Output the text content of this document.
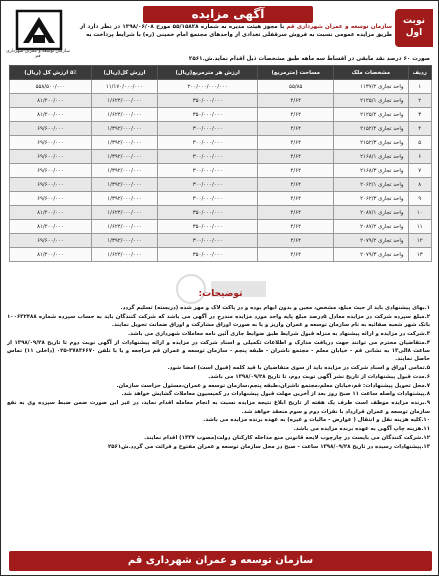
سازمان توسعه و عمران شهرداری قم
آگهی مزایده	نوبت
اول
سازمان توسعه و عمران شهرداری قم با مجوز هیئت مدیره به شماره ۵۵/۱۵۸۲۸ مورخ ۱۳۹۸/۰۶/۰۸ در نظر دارد از طریق مزایده عمومی نسبت به فروش سرقفلی تعدادی از واحدهای مجتمع امام خمینی (ره) با شرایط پرداخت به
صورت ۶۰ درصد نقد مابقی در اقساط سه ماهه طبق مشخصات ذیل اقدام نماید.ش.۲۵۶۱
ردیف	مشخصات ملک	مساحت (مترمربع)	ارزش هر مترمربع(ریال)	ارزش کل(ریال)	۵٪ ارزش کل (ریال)
۱	واحد تجاری ۱۱۳۷/۲	۵۵/۸۵	۲۰۰/۰۰۰/۰۰۰/۰۰۰	۱۱/۱۷۰/۰۰۰/۰۰۰	۵۵۸/۵۰۰/۰۰۰
۲	واحد تجاری ۲۱۲۵/۱	۴/۶۴	۳۵۰/۰۰۰/۰۰۰	۱/۶۲۴/۰۰۰/۰۰۰	۸۱/۲۰۰/۰۰۰
۳	واحد تجاری ۲۱۲۵/۲	۴/۶۴	۳۵۰/۰۰۰/۰۰۰	۱/۶۲۴/۰۰۰/۰۰۰	۸۱/۲۰۰/۰۰۰
۴	واحد تجاری ۲۱۵۲/۴	۴/۶۴	۳۰۰/۰۰۰/۰۰۰	۱/۳۹۲/۰۰۰/۰۰۰	۶۹/۶۰۰/۰۰۰
۵	واحد تجاری ۲۱۵۲/۳	۴/۶۴	۳۰۰/۰۰۰/۰۰۰	۱/۳۹۲/۰۰۰/۰۰۰	۶۹/۶۰۰/۰۰۰
۶	واحد تجاری ۲۱۶۸/۱	۴/۶۴	۳۰۰/۰۰۰/۰۰۰	۱/۳۹۲/۰۰۰/۰۰۰	۶۹/۶۰۰/۰۰۰
۷	واحد تجاری ۲۱۶۸/۳	۴/۶۴	۳۰۰/۰۰۰/۰۰۰	۱/۳۹۲/۰۰۰/۰۰۰	۶۹/۶۰۰/۰۰۰
۸	واحد تجاری ۲۰۶۲/۱	۴/۶۴	۳۰۰/۰۰۰/۰۰۰	۱/۳۹۲/۰۰۰/۰۰۰	۶۹/۶۰۰/۰۰۰
۹	واحد تجاری ۲۰۶۲/۳	۴/۶۴	۳۰۰/۰۰۰/۰۰۰	۱/۳۹۲/۰۰۰/۰۰۰	۶۹/۶۰۰/۰۰۰
۱۰	واحد تجاری ۲۰۸۷/۱	۴/۶۴	۳۵۰/۰۰۰/۰۰۰	۱/۶۲۴/۰۰۰/۰۰۰	۸۱/۲۰۰/۰۰۰
۱۱	واحد تجاری ۲۰۸۷/۲	۴/۶۴	۳۵۰/۰۰۰/۰۰۰	۱/۶۲۴/۰۰۰/۰۰۰	۸۱/۲۰۰/۰۰۰
۱۲	واحد تجاری ۲۰۷۹/۲	۴/۶۴	۳۰۰/۰۰۰/۰۰۰	۱/۳۹۲/۰۰۰/۰۰۰	۶۹/۶۰۰/۰۰۰
۱۳	واحد تجاری ۲۰۷۹/۳	۴/۶۴	۳۵۰/۰۰۰/۰۰۰	۱/۶۲۴/۰۰۰/۰۰۰	۸۱/۲۰۰/۰۰۰
توضیحات:

۱.بهای پیشنهادی باید از حیث مبلغ، مشخص، معین و بدون ابهام بوده و در پاکت لاک و مهر شده (دربسته) تسلیم گردد.

۲.مبلغ سپرده شرکت در مزایده معادل ۵درصد مبلغ پایه واحد مورد مزایده مندرج در آگهی می باشد که شرکت کنندگان باید به حساب سپرده شماره ۱۰۰۶۳۲۴۸۸ بانک شهر شعبه صفائیه به نام سازمان توسعه و عمران واریز و یا به صورت اوراق مشارکت و اوراق ضمانت تحویل نمایند.

۳.شرکت در مزایده و ارائه پیشنهاد به منزله قبول شرایط طبق ضوابط جاری آئین نامه معاملات شهرداری می باشد.

۴.متقاضیان محترم می توانند جهت دریافت مدارک و اطلاعات تکمیلی و اسناد شرکت در مزایده و ارائه پیشنهادات از آگهی نوبت دوم تا تاریخ ۱۳۹۸/۰۹/۲۸ از ساعت ۸الی۱۳ به نشانی قم - خیابان معلم - مجتمع ناشران - طبقه پنجم - سازمان توسعه و عمران قم مراجعه و یا با تلفن ۳۷۸۳۶۶۷۰-۰۲۵ (داخلی ۱۱) تماس حاصل نمایند.

۵.تمامی اوراق و اسناد شرکت در مزایده باید از سوی متقاضیان با قید کلمه (قبول است) امضا شود.

۶.مدت قبول پیشنهادات از تاریخ نشر آگهی نوبت دوم، تا تاریخ ۱۳۹۸/۰۹/۲۸ می باشد.

۷.محل تحویل پیشنهادات: قم،خیابان معلم،مجتمع ناشران،طبقه پنجم،سازمان توسعه و عمران،مسئول حراست سازمان.

۸.پیشنهادات واصله ساعت ۱۱ صبح روز بعد از آخرین مهلت قبول پیشنهادات در کمیسیون معاملات گشایش خواهد شد.

۹.برنده مزایده موظف است ظرف یک هفته از تاریخ ابلاغ نتیجه مزایده نسبت به انجام معامله اقدام نماید، در غیر این صورت ضمن ضبط سپرده وی به نفع سازمان توسعه و عمران قرارداد با نفرات دوم و سوم منعقد خواهد شد.

۱۰.کلیه هزینه نقل و انتقال ( عوارض - مالیات و غیره) به عهده برنده مزایده می باشد.

۱۱.هزینه چاپ آگهی به عهده برنده مزایده می باشد.

۱۲.شرکت کنندگان می بایست در چارچوب لایحه قانونی منع مداخله کارکنان دولت(مصوب ۱۳۳۷) اقدام نمایند.

۱۳.پیشنهادات رسیده در تاریخ ۱۳۹۸/۰۹/۲۸ ساعت - صبح در محل سازمان توسعه و عمران مفتوح و قرائت می گردد.ش۲۵۶۱

سازمان توسعه و عمران شهرداری قم
